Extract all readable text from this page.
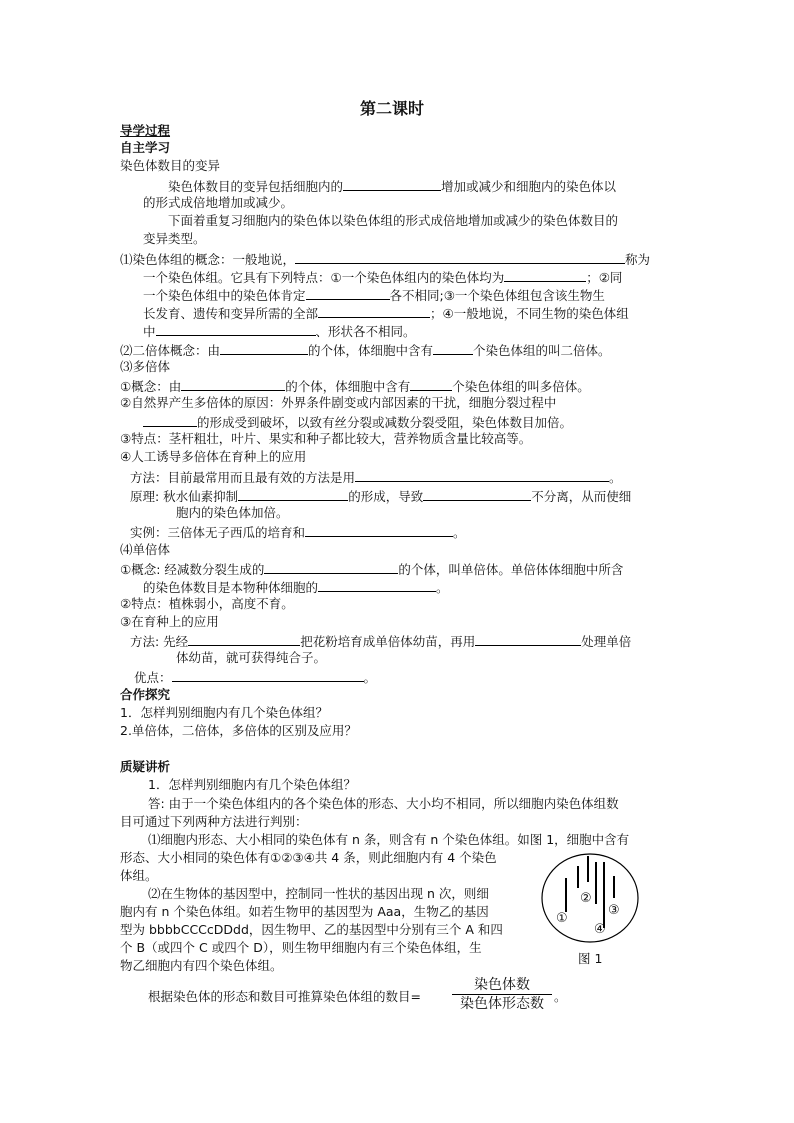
第二课时
导学过程
自主学习
染色体数目的变异
染色体数目的变异包括细胞内的	增加或减少和细胞内的染色体以
的形式成倍地增加或减少。
下面着重复习细胞内的染色体以染色体组的形式成倍地增加或减少的染色体数目的
变异类型。
⑴染色体组的概念：一般地说，	称为
一个染色体组。它具有下列特点：①一个染色体组内的染色体均为	；②同
一个染色体组中的染色体肯定	各不相同;③一个染色体组包含该生物生
长发育、遗传和变异所需的全部	；④一般地说，不同生物的染色体组
中	、形状各不相同。
⑵二倍体概念：由	的个体，体细胞中含有	个染色体组的叫二倍体。
⑶多倍体
①概念：由	的个体，体细胞中含有	个染色体组的叫多倍体。
②自然界产生多倍体的原因：外界条件剧变或内部因素的干扰，细胞分裂过程中
的形成受到破坏，以致有丝分裂或减数分裂受阻，染色体数目加倍。
③特点：茎杆粗壮，叶片、果实和种子都比较大，营养物质含量比较高等。
④人工诱导多倍体在育种上的应用
方法：目前最常用而且最有效的方法是用	。
原理: 秋水仙素抑制	的形成，导致	不分离，从而使细
胞内的染色体加倍。
实例：三倍体无子西瓜的培育和	。
⑷单倍体
①概念: 经减数分裂生成的	的个体，叫单倍体。单倍体体细胞中所含
的染色体数目是本物种体细胞的	。
②特点：植株弱小，高度不育。
③在育种上的应用
方法: 先经	把花粉培育成单倍体幼苗，再用	处理单倍
体幼苗，就可获得纯合子。
优点：	。
合作探究
1．怎样判别细胞内有几个染色体组？
2.单倍体，二倍体，多倍体的区别及应用？
质疑讲析
1．怎样判别细胞内有几个染色体组？
答: 由于一个染色体组内的各个染色体的形态、大小均不相同，所以细胞内染色体组数
目可通过下列两种方法进行判别：
⑴细胞内形态、大小相同的染色体有 n 条，则含有 n 个染色体组。如图 1，细胞中含有
形态、大小相同的染色体有①②③④共 4 条，则此细胞内有 4 个染色
体组。
⑵在生物体的基因型中，控制同一性状的基因出现 n 次，则细
胞内有 n 个染色体组。如若生物甲的基因型为 Aaa，生物乙的基因
型为 bbbbCCCcDDdd，因生物甲、乙的基因型中分别有三个 A 和四
个 B（或四个 C 或四个 D），则生物甲细胞内有三个染色体组，生
物乙细胞内有四个染色体组。
根据染色体的形态和数目可推算染色体组的数目=
染色体数
染色体形态数 。
①
②
③
④
图 1
